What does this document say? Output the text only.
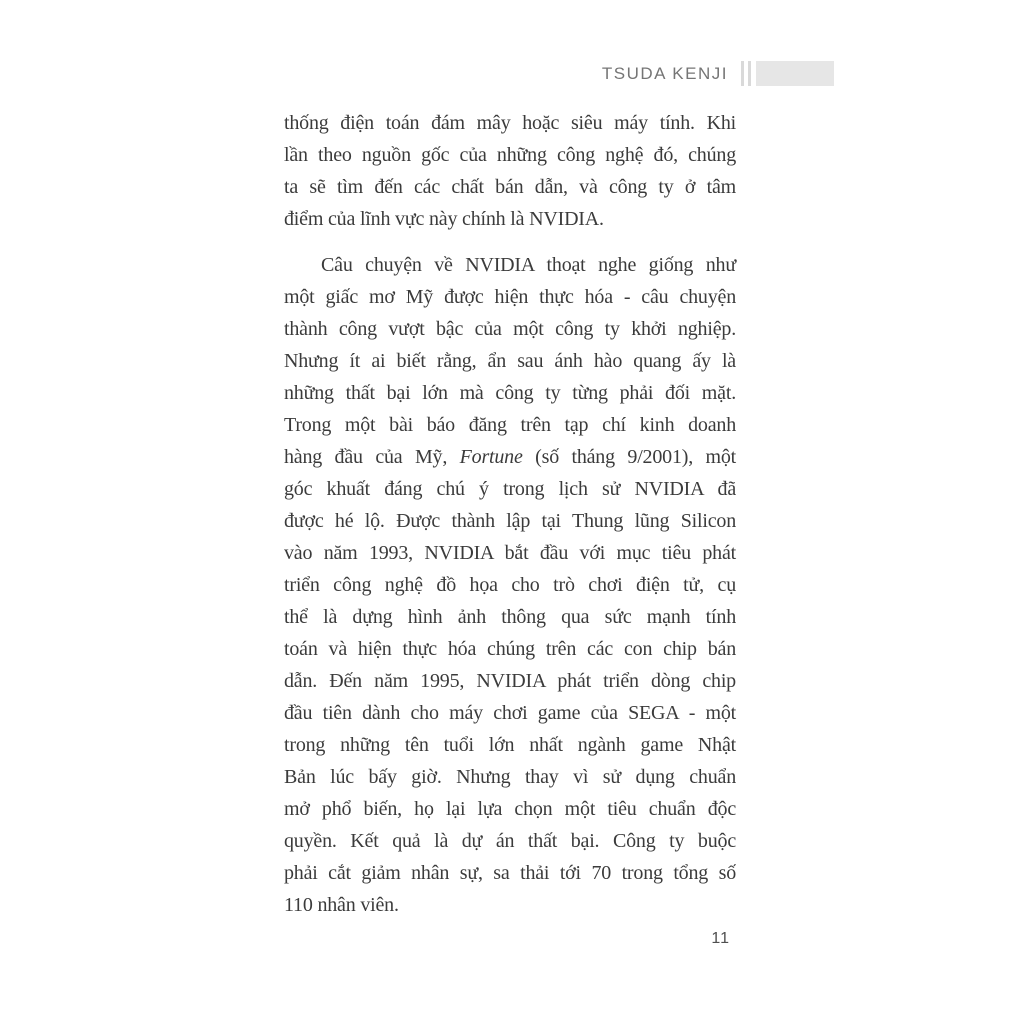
TSUDA KENJI
thống điện toán đám mây hoặc siêu máy tính. Khi
lần theo nguồn gốc của những công nghệ đó, chúng
ta sẽ tìm đến các chất bán dẫn, và công ty ở tâm
điểm của lĩnh vực này chính là NVIDIA.
Câu chuyện về NVIDIA thoạt nghe giống như
một giấc mơ Mỹ được hiện thực hóa - câu chuyện
thành công vượt bậc của một công ty khởi nghiệp.
Nhưng ít ai biết rằng, ẩn sau ánh hào quang ấy là
những thất bại lớn mà công ty từng phải đối mặt.
Trong một bài báo đăng trên tạp chí kinh doanh
hàng đầu của Mỹ, Fortune (số tháng 9/2001), một
góc khuất đáng chú ý trong lịch sử NVIDIA đã
được hé lộ. Được thành lập tại Thung lũng Silicon
vào năm 1993, NVIDIA bắt đầu với mục tiêu phát
triển công nghệ đồ họa cho trò chơi điện tử, cụ
thể là dựng hình ảnh thông qua sức mạnh tính
toán và hiện thực hóa chúng trên các con chip bán
dẫn. Đến năm 1995, NVIDIA phát triển dòng chip
đầu tiên dành cho máy chơi game của SEGA - một
trong những tên tuổi lớn nhất ngành game Nhật
Bản lúc bấy giờ. Nhưng thay vì sử dụng chuẩn
mở phổ biến, họ lại lựa chọn một tiêu chuẩn độc
quyền. Kết quả là dự án thất bại. Công ty buộc
phải cắt giảm nhân sự, sa thải tới 70 trong tổng số
110 nhân viên.
11
